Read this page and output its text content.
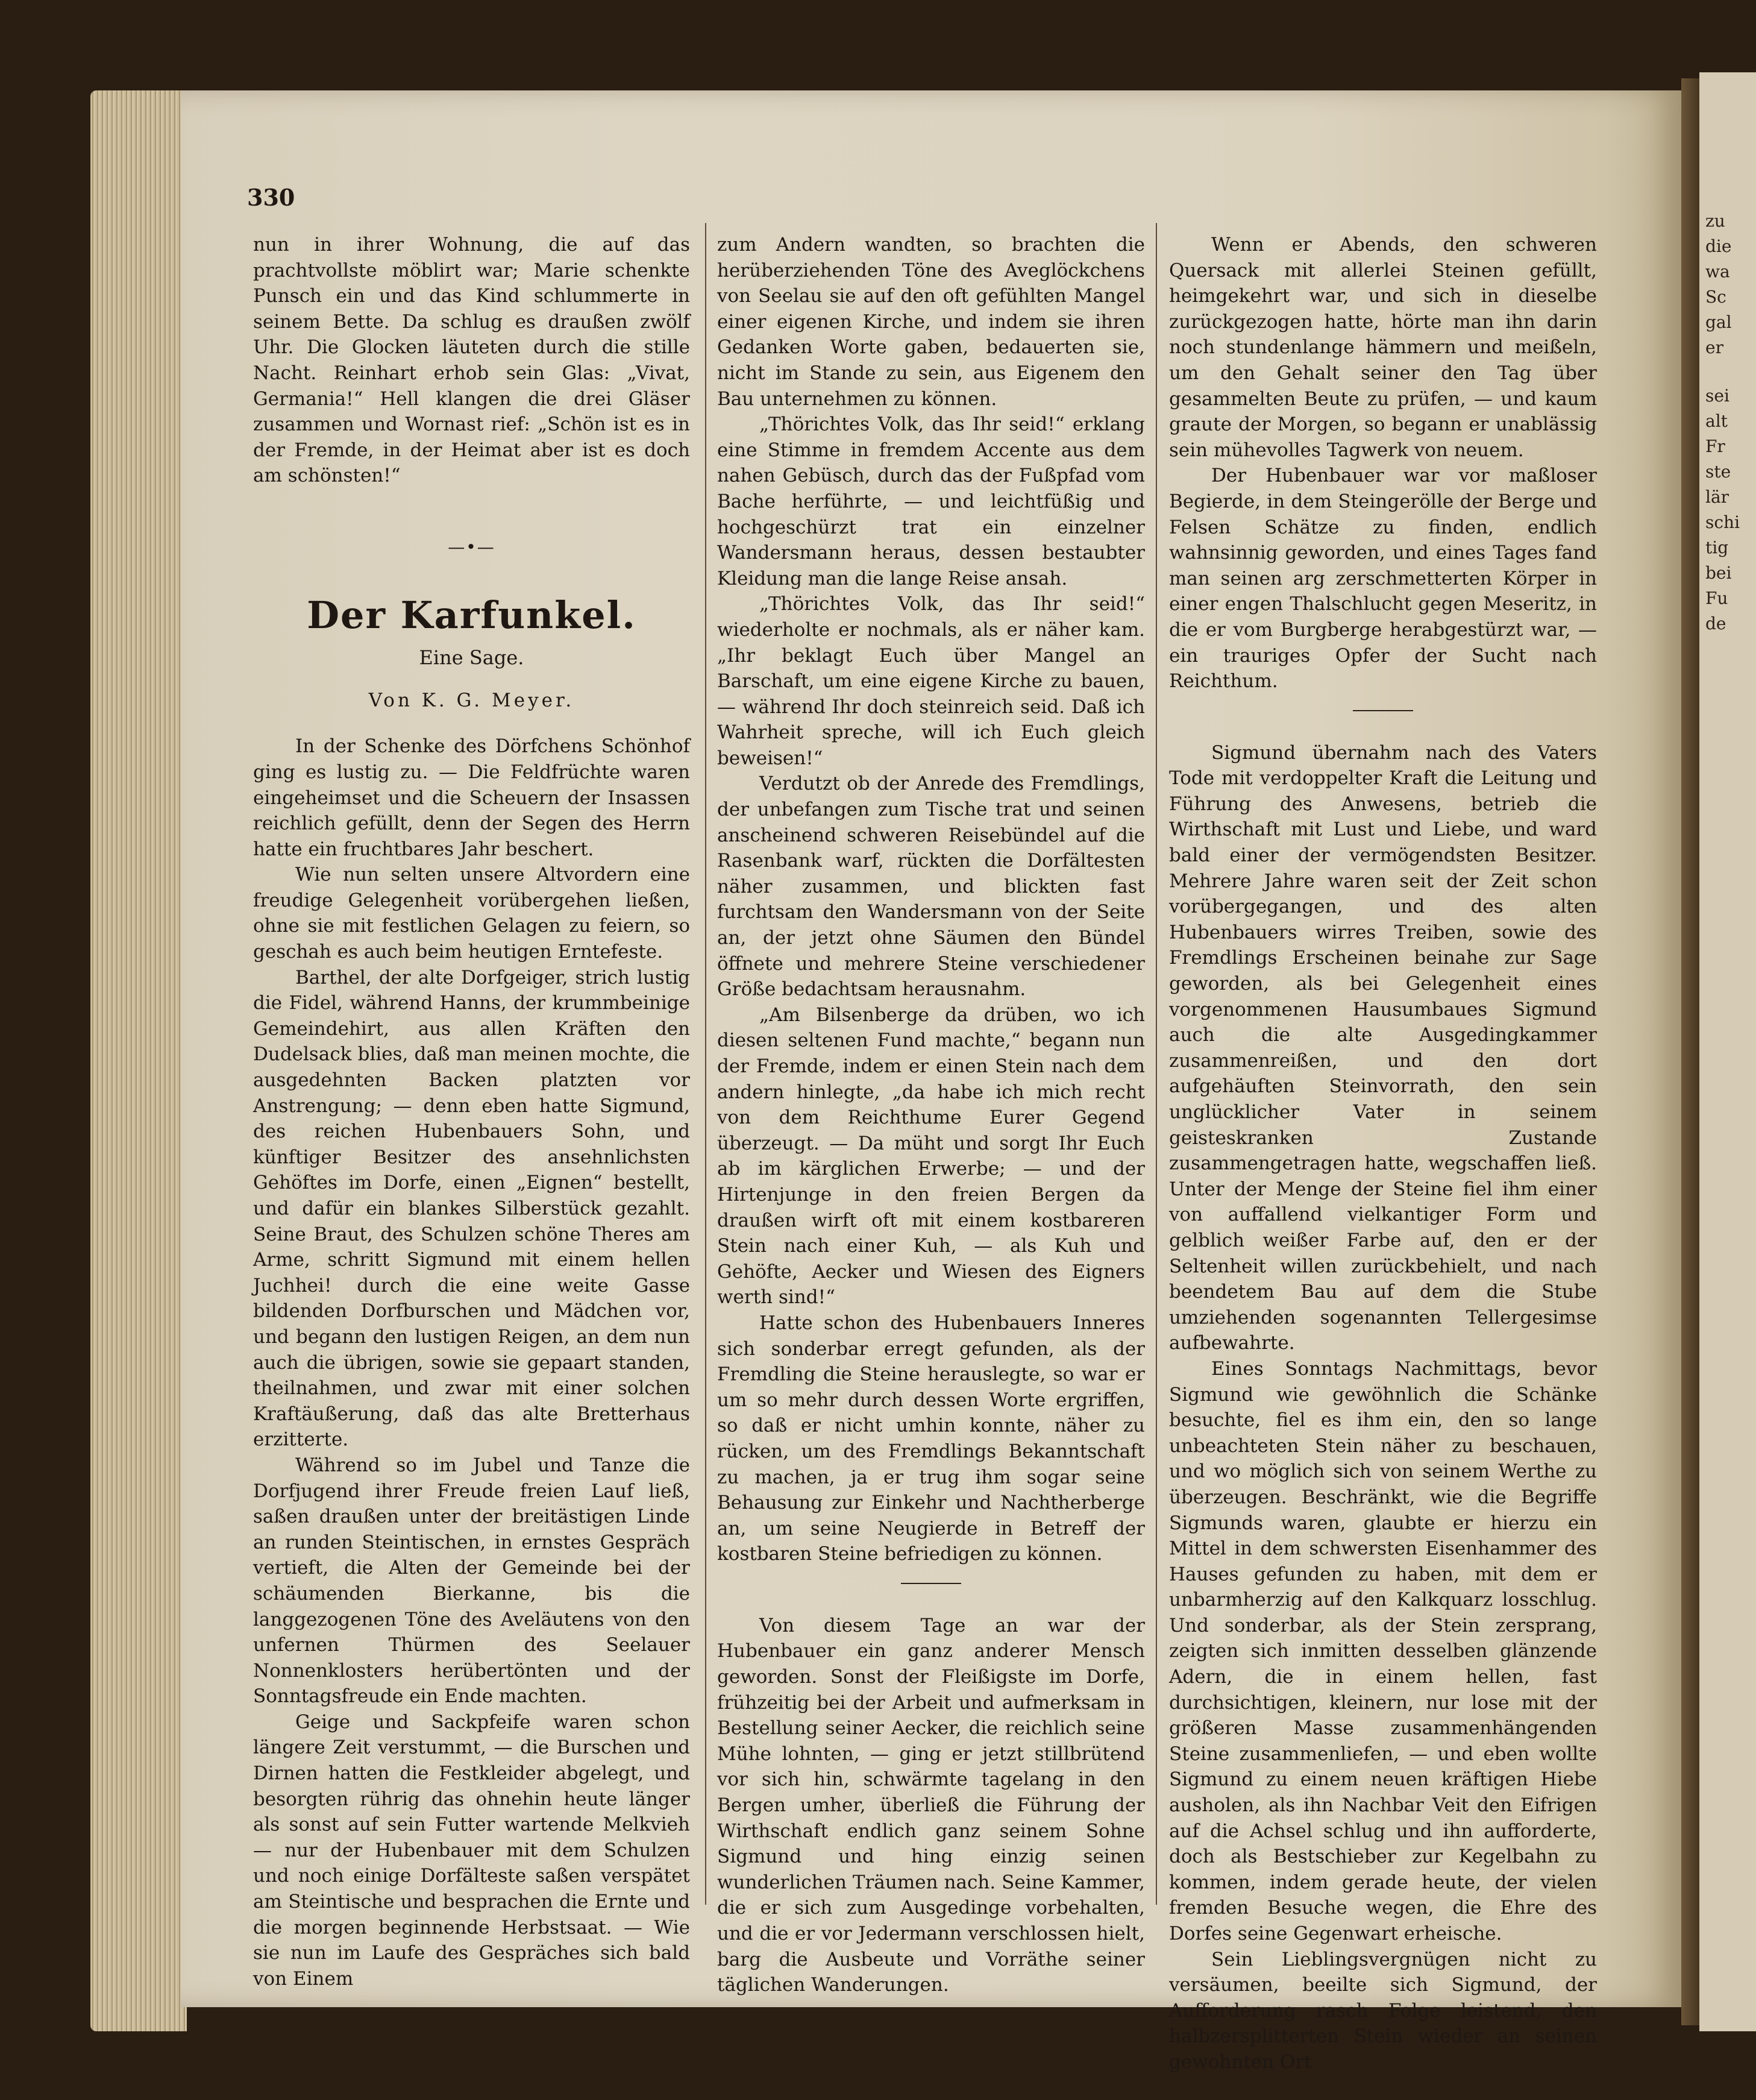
zu
die
wa
Sc
gal
er
sei
alt
Fr
ste
lär
schi
tig
bei
Fu
de
330

nun in ihrer Wohnung, die auf das prachtvollste möblirt war; Marie schenkte Punsch ein und das Kind schlummerte in seinem Bette. Da schlug es draußen zwölf Uhr. Die Glocken läuteten durch die stille Nacht. Reinhart erhob sein Glas: „Vivat, Germania!“ Hell klangen die drei Gläser zusammen und Wornast rief: „Schön ist es in der Fremde, in der Heimat aber ist es doch am schönsten!“

—•—
Der Karfunkel.
Eine Sage.
Von K. G. Meyer.

In der Schenke des Dörfchens Schönhof ging es lustig zu. — Die Feldfrüchte waren eingeheimset und die Scheuern der Insassen reichlich gefüllt, denn der Segen des Herrn hatte ein fruchtbares Jahr beschert.

Wie nun selten unsere Altvordern eine freudige Gelegenheit vorübergehen ließen, ohne sie mit festlichen Gelagen zu feiern, so geschah es auch beim heutigen Erntefeste.

Barthel, der alte Dorfgeiger, strich lustig die Fidel, während Hanns, der krummbeinige Gemeindehirt, aus allen Kräften den Dudelsack blies, daß man meinen mochte, die ausgedehnten Backen platzten vor Anstrengung; — denn eben hatte Sigmund, des reichen Hubenbauers Sohn, und künftiger Besitzer des ansehnlichsten Gehöftes im Dorfe, einen „Eignen“ bestellt, und dafür ein blankes Silberstück gezahlt. Seine Braut, des Schulzen schöne Theres am Arme, schritt Sigmund mit einem hellen Juchhei! durch die eine weite Gasse bildenden Dorfburschen und Mädchen vor, und begann den lustigen Reigen, an dem nun auch die übrigen, sowie sie gepaart standen, theilnahmen, und zwar mit einer solchen Kraftäußerung, daß das alte Bretterhaus erzitterte.

Während so im Jubel und Tanze die Dorfjugend ihrer Freude freien Lauf ließ, saßen draußen unter der breitästigen Linde an runden Steintischen, in ernstes Gespräch vertieft, die Alten der Gemeinde bei der schäumenden Bierkanne, bis die langgezogenen Töne des Aveläutens von den unfernen Thürmen des Seelauer Nonnenklosters herübertönten und der Sonntagsfreude ein Ende machten.

Geige und Sackpfeife waren schon längere Zeit verstummt, — die Burschen und Dirnen hatten die Festkleider abgelegt, und besorgten rührig das ohnehin heute länger als sonst auf sein Futter wartende Melkvieh — nur der Hubenbauer mit dem Schulzen und noch einige Dorfälteste saßen verspätet am Steintische und besprachen die Ernte und die morgen beginnende Herbstsaat. — Wie sie nun im Laufe des Gespräches sich bald von Einem

zum Andern wandten, so brachten die herüberziehenden Töne des Aveglöckchens von Seelau sie auf den oft gefühlten Mangel einer eigenen Kirche, und indem sie ihren Gedanken Worte gaben, bedauerten sie, nicht im Stande zu sein, aus Eigenem den Bau unternehmen zu können.

„Thörichtes Volk, das Ihr seid!“ erklang eine Stimme in fremdem Accente aus dem nahen Gebüsch, durch das der Fußpfad vom Bache herführte, — und leichtfüßig und hochgeschürzt trat ein einzelner Wandersmann heraus, dessen bestaubter Kleidung man die lange Reise ansah.

„Thörichtes Volk, das Ihr seid!“ wiederholte er nochmals, als er näher kam. „Ihr beklagt Euch über Mangel an Barschaft, um eine eigene Kirche zu bauen, — während Ihr doch steinreich seid. Daß ich Wahrheit spreche, will ich Euch gleich beweisen!“

Verdutzt ob der Anrede des Fremdlings, der unbefangen zum Tische trat und seinen anscheinend schweren Reisebündel auf die Rasenbank warf, rückten die Dorfältesten näher zusammen, und blickten fast furchtsam den Wandersmann von der Seite an, der jetzt ohne Säumen den Bündel öffnete und mehrere Steine verschiedener Größe bedachtsam herausnahm.

„Am Bilsenberge da drüben, wo ich diesen seltenen Fund machte,“ begann nun der Fremde, indem er einen Stein nach dem andern hinlegte, „da habe ich mich recht von dem Reichthume Eurer Gegend überzeugt. — Da müht und sorgt Ihr Euch ab im kärglichen Erwerbe; — und der Hirtenjunge in den freien Bergen da draußen wirft oft mit einem kostbareren Stein nach einer Kuh, — als Kuh und Gehöfte, Aecker und Wiesen des Eigners werth sind!“

Hatte schon des Hubenbauers Inneres sich sonderbar erregt gefunden, als der Fremdling die Steine herauslegte, so war er um so mehr durch dessen Worte ergriffen, so daß er nicht umhin konnte, näher zu rücken, um des Fremdlings Bekanntschaft zu machen, ja er trug ihm sogar seine Behausung zur Einkehr und Nachtherberge an, um seine Neugierde in Betreff der kostbaren Steine befriedigen zu können.

Von diesem Tage an war der Hubenbauer ein ganz anderer Mensch geworden. Sonst der Fleißigste im Dorfe, frühzeitig bei der Arbeit und aufmerksam in Bestellung seiner Aecker, die reichlich seine Mühe lohnten, — ging er jetzt stillbrütend vor sich hin, schwärmte tagelang in den Bergen umher, überließ die Führung der Wirthschaft endlich ganz seinem Sohne Sigmund und hing einzig seinen wunderlichen Träumen nach. Seine Kammer, die er sich zum Ausgedinge vorbehalten, und die er vor Jedermann verschlossen hielt, barg die Ausbeute und Vorräthe seiner täglichen Wanderungen.

Wenn er Abends, den schweren Quersack mit allerlei Steinen gefüllt, heimgekehrt war, und sich in dieselbe zurückgezogen hatte, hörte man ihn darin noch stundenlange hämmern und meißeln, um den Gehalt seiner den Tag über gesammelten Beute zu prüfen, — und kaum graute der Morgen, so begann er unablässig sein mühevolles Tagwerk von neuem.

Der Hubenbauer war vor maßloser Begierde, in dem Steingerölle der Berge und Felsen Schätze zu finden, endlich wahnsinnig geworden, und eines Tages fand man seinen arg zerschmetterten Körper in einer engen Thalschlucht gegen Meseritz, in die er vom Burgberge herabgestürzt war, — ein trauriges Opfer der Sucht nach Reichthum.

Sigmund übernahm nach des Vaters Tode mit verdoppelter Kraft die Leitung und Führung des Anwesens, betrieb die Wirthschaft mit Lust und Liebe, und ward bald einer der vermögendsten Besitzer. Mehrere Jahre waren seit der Zeit schon vorübergegangen, und des alten Hubenbauers wirres Treiben, sowie des Fremdlings Erscheinen beinahe zur Sage geworden, als bei Gelegenheit eines vorgenommenen Hausumbaues Sigmund auch die alte Ausgedingkammer zusammenreißen, und den dort aufgehäuften Steinvorrath, den sein unglücklicher Vater in seinem geisteskranken Zustande zusammengetragen hatte, wegschaffen ließ. Unter der Menge der Steine fiel ihm einer von auffallend vielkantiger Form und gelblich weißer Farbe auf, den er der Seltenheit willen zurückbehielt, und nach beendetem Bau auf dem die Stube umziehenden sogenannten Tellergesimse aufbewahrte.

Eines Sonntags Nachmittags, bevor Sigmund wie gewöhnlich die Schänke besuchte, fiel es ihm ein, den so lange unbeachteten Stein näher zu beschauen, und wo möglich sich von seinem Werthe zu überzeugen. Beschränkt, wie die Begriffe Sigmunds waren, glaubte er hierzu ein Mittel in dem schwersten Eisenhammer des Hauses gefunden zu haben, mit dem er unbarmherzig auf den Kalkquarz losschlug. Und sonderbar, als der Stein zersprang, zeigten sich inmitten desselben glänzende Adern, die in einem hellen, fast durchsichtigen, kleinern, nur lose mit der größeren Masse zusammenhängenden Steine zusammenliefen, — und eben wollte Sigmund zu einem neuen kräftigen Hiebe ausholen, als ihn Nachbar Veit den Eifrigen auf die Achsel schlug und ihn aufforderte, doch als Bestschieber zur Kegelbahn zu kommen, indem gerade heute, der vielen fremden Besuche wegen, die Ehre des Dorfes seine Gegenwart erheische.

Sein Lieblingsvergnügen nicht zu versäumen, beeilte sich Sigmund, der Aufforderung rasch Folge leistend, den halbzersplitterten Stein wieder an seinen gewohnten Ort
